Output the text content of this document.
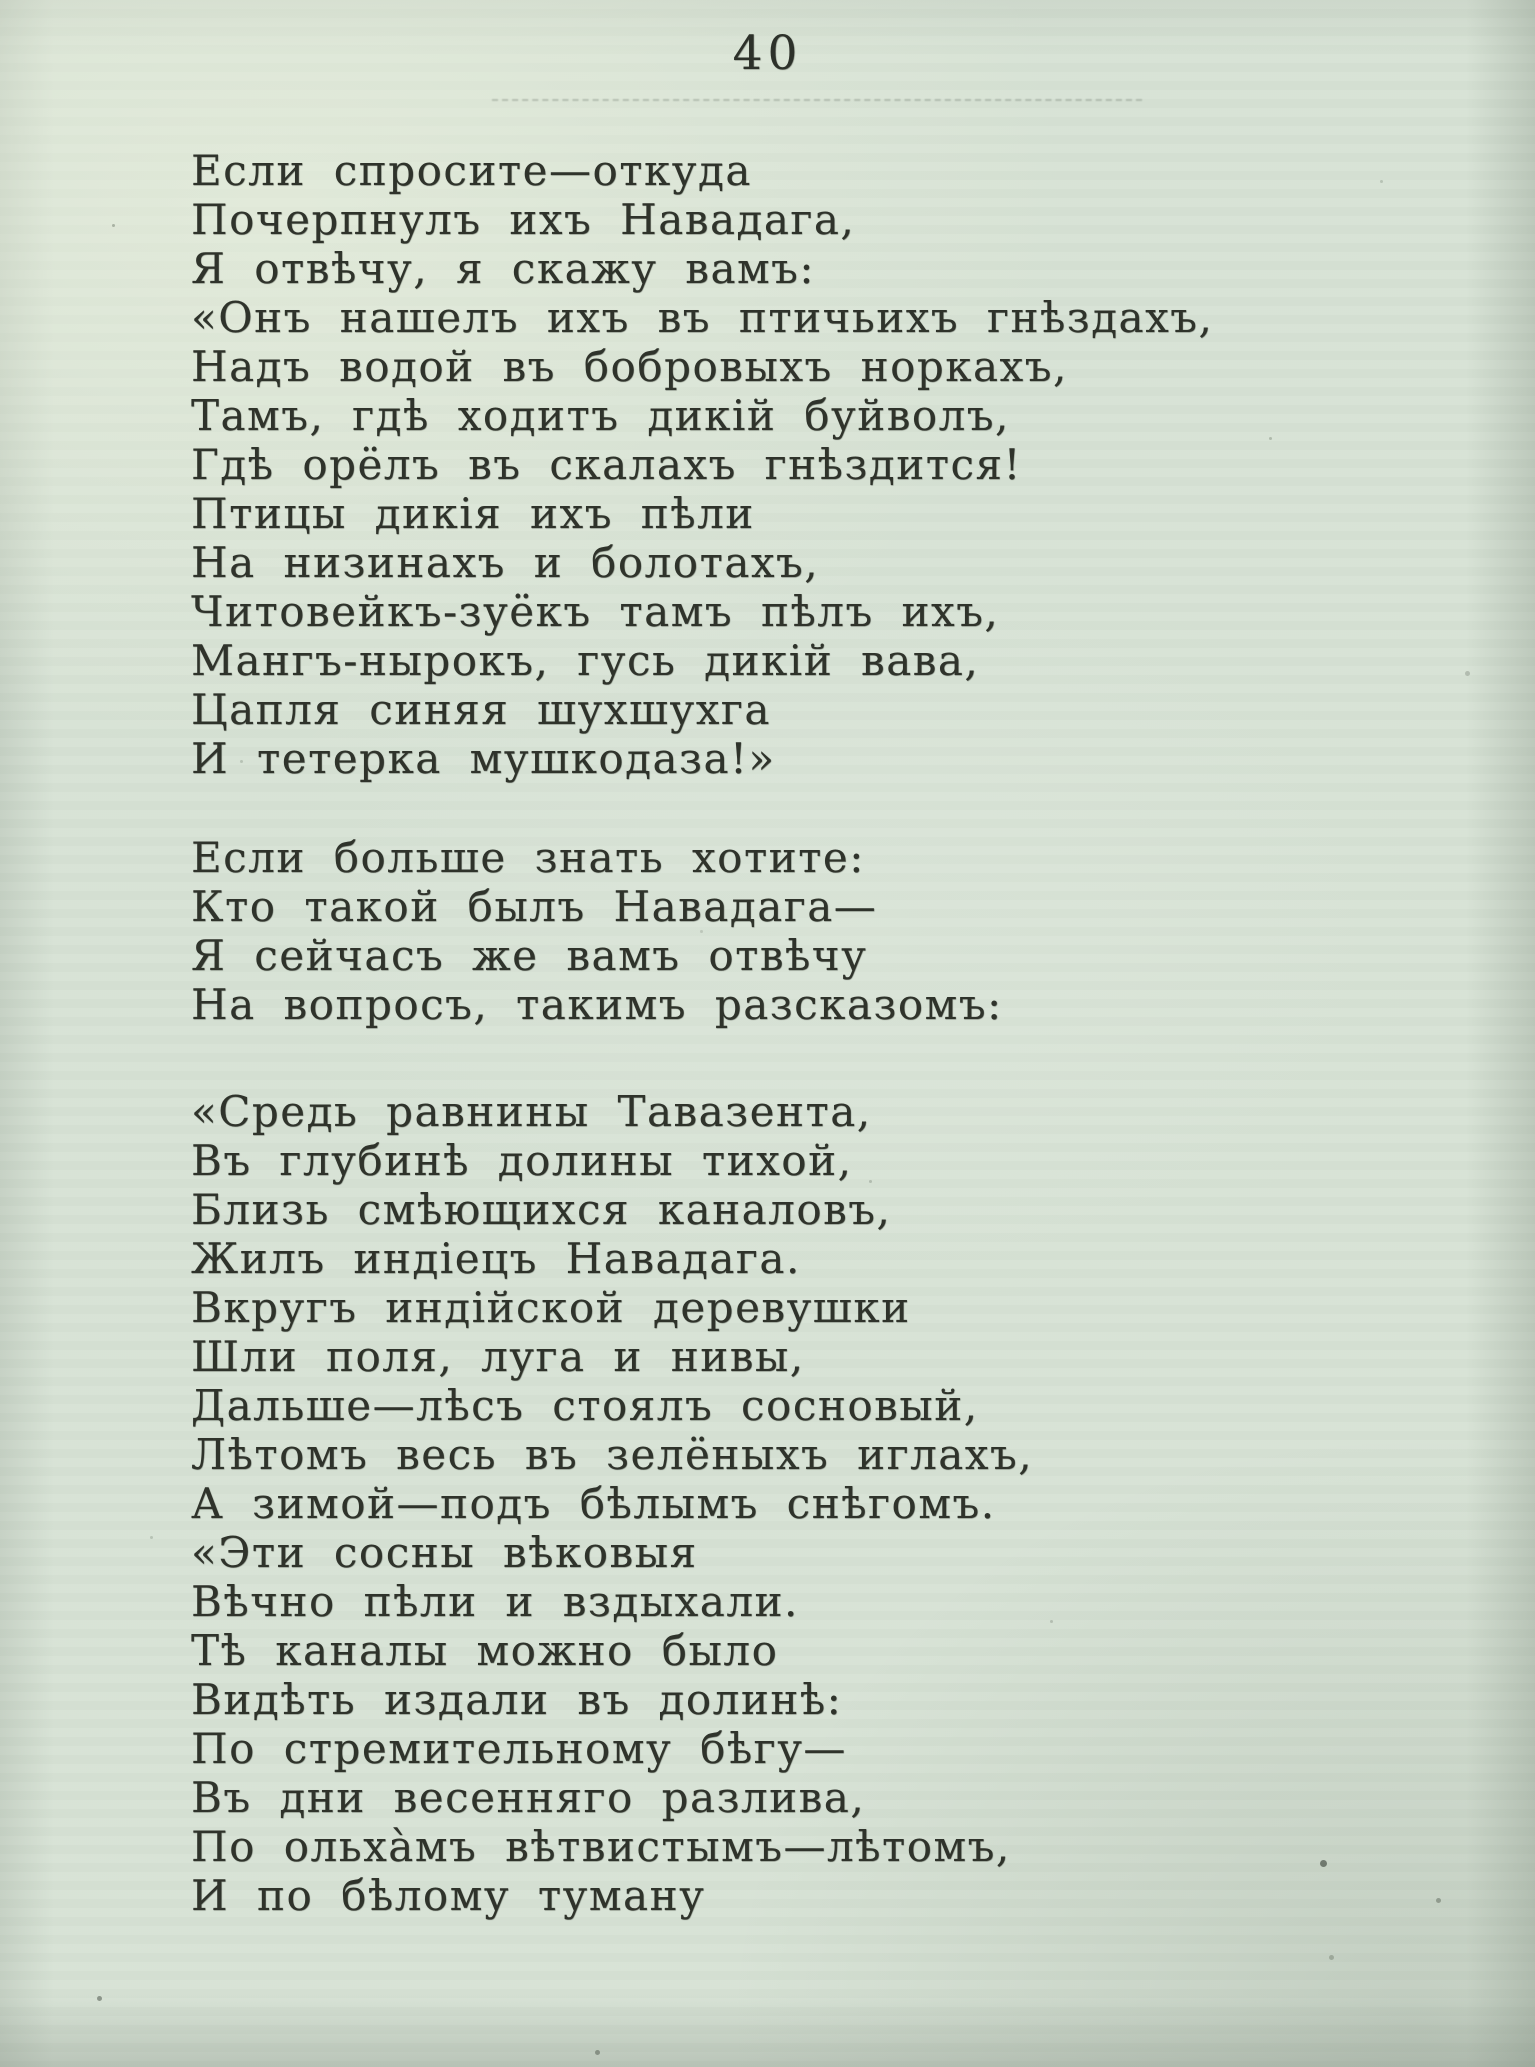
40
Если спросите—откуда
Почерпнулъ ихъ Навадага,
Я отвѣчу, я скажу вамъ:
«Онъ нашелъ ихъ въ птичьихъ гнѣздахъ,
Надъ водой въ бобровыхъ норкахъ,
Тамъ, гдѣ ходитъ дикій буйволъ,
Гдѣ орёлъ въ скалахъ гнѣздится!
Птицы дикія ихъ пѣли
На низинахъ и болотахъ,
Читовейкъ-зуёкъ тамъ пѣлъ ихъ,
Мангъ-нырокъ, гусь дикій вава,
Цапля синяя шухшухга
И тетерка мушкодаза!»
Если больше знать хотите:
Кто такой былъ Навадага—
Я сейчасъ же вамъ отвѣчу
На вопросъ, такимъ разсказомъ:
«Средь равнины Тавазента,
Въ глубинѣ долины тихой,
Близь смѣющихся каналовъ,
Жилъ индіецъ Навадага.
Вкругъ индійской деревушки
Шли поля, луга и нивы,
Дальше—лѣсъ стоялъ сосновый,
Лѣтомъ весь въ зелёныхъ иглахъ,
А зимой—подъ бѣлымъ снѣгомъ.
«Эти сосны вѣковыя
Вѣчно пѣли и вздыхали.
Тѣ каналы можно было
Видѣть издали въ долинѣ:
По стремительному бѣгу—
Въ дни весенняго разлива,
По ольха̀мъ вѣтвистымъ—лѣтомъ,
И по бѣлому туману
